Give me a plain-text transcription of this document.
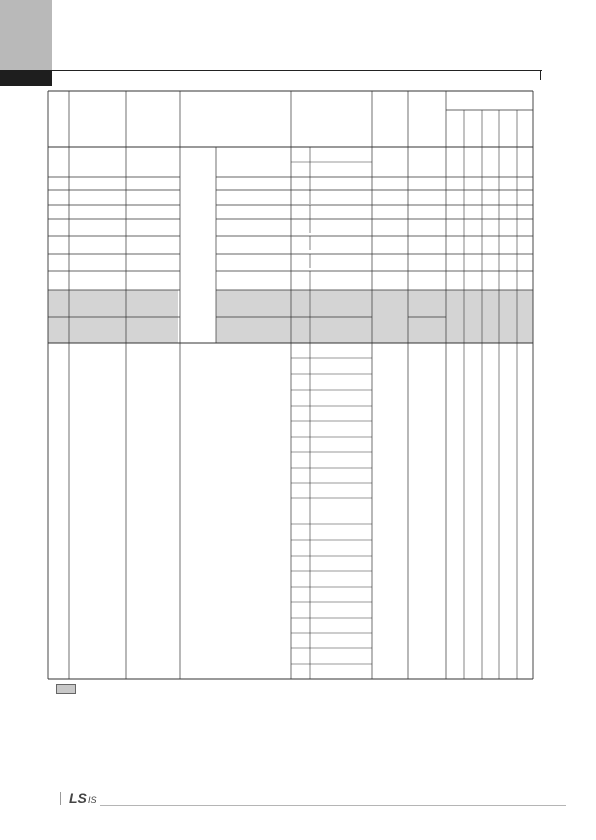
LS IS
